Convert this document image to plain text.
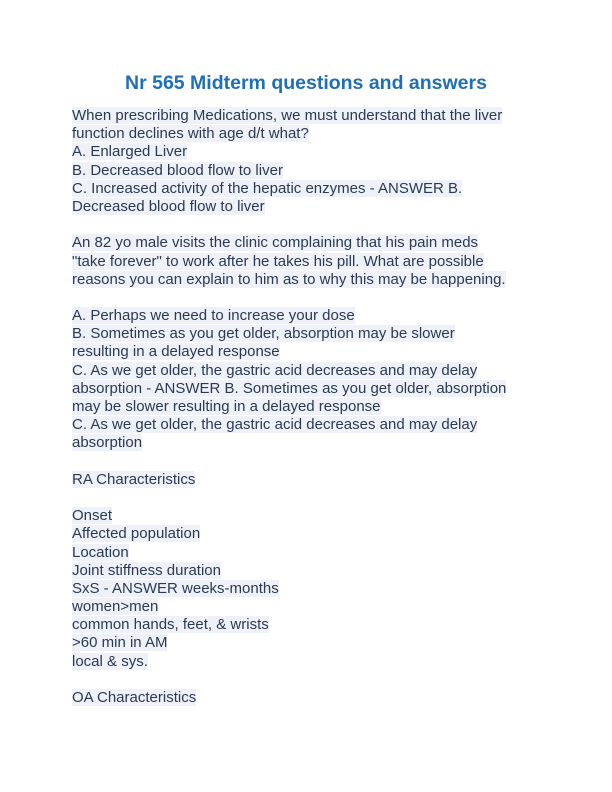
Nr 565 Midterm questions and answers
When prescribing Medications, we must understand that the liver
function declines with age d/t what?
A. Enlarged Liver
B. Decreased blood flow to liver
C. Increased activity of the hepatic enzymes - ANSWER B.
Decreased blood flow to liver
An 82 yo male visits the clinic complaining that his pain meds
"take forever" to work after he takes his pill. What are possible
reasons you can explain to him as to why this may be happening.
A. Perhaps we need to increase your dose
B. Sometimes as you get older, absorption may be slower
resulting in a delayed response
C. As we get older, the gastric acid decreases and may delay
absorption - ANSWER B. Sometimes as you get older, absorption
may be slower resulting in a delayed response
C. As we get older, the gastric acid decreases and may delay
absorption
RA Characteristics
Onset
Affected population
Location
Joint stiffness duration
SxS - ANSWER weeks-months
women>men
common hands, feet, & wrists
>60 min in AM
local & sys.
OA Characteristics
